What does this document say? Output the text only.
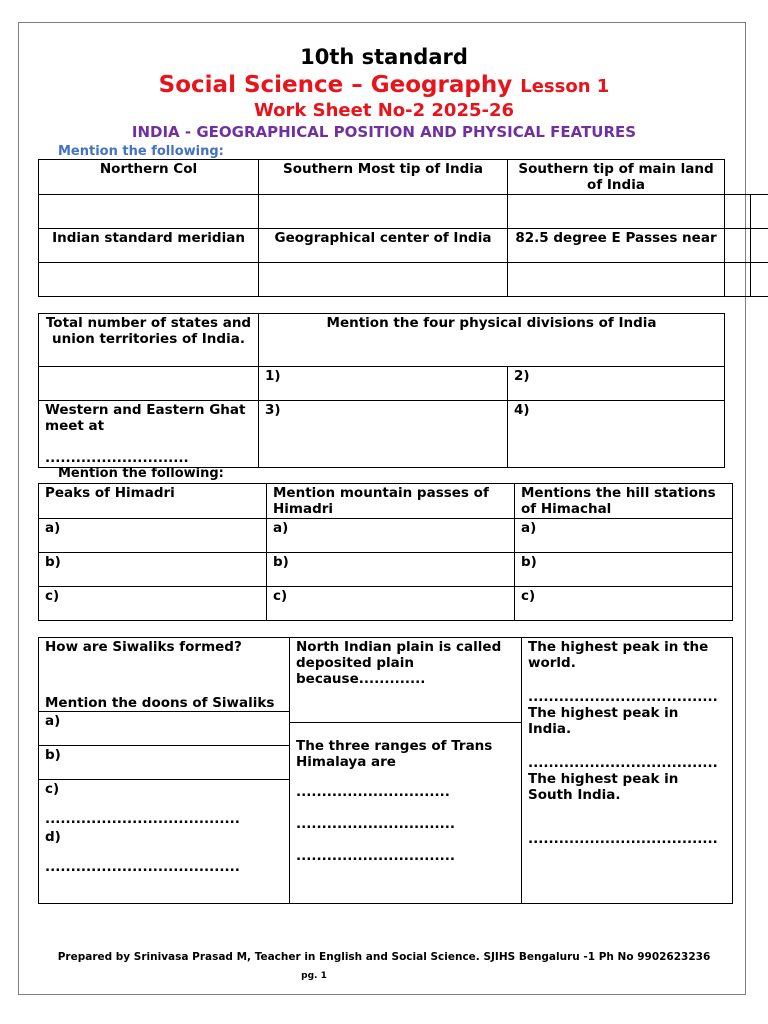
10th standard
Social Science – Geography Lesson 1
Work Sheet No-2 2025-26
INDIA - GEOGRAPHICAL POSITION AND PHYSICAL FEATURES
Mention the following:
Northern Col	Southern Most tip of India	Southern tip of main land of India

Indian standard meridian	Geographical center of India	82.5 degree E Passes near

Total number of states and union territories of India.	Mention the four physical divisions of India	
	1)	2)

Western and Eastern Ghat meet at
............................	3)	4)
Mention the following:
Peaks of Himadri	Mention mountain passes of Himadri	Mentions the hill stations of Himachal
a)	a)	a)
b)	b)	b)
c)	c)	c)
How are Siwaliks formed?
Mention the doons of Siwaliks
a)
b)
c)
......................................
d)
......................................

North Indian plain is called deposited plain because.............
The three ranges of Trans Himalaya are
..............................
...............................
...............................

The highest peak in the world.
.....................................
The highest peak in India.
.....................................
The highest peak in South India.
.....................................
Prepared by Srinivasa Prasad M, Teacher in English and Social Science. SJIHS Bengaluru -1 Ph No 9902623236
pg. 1
